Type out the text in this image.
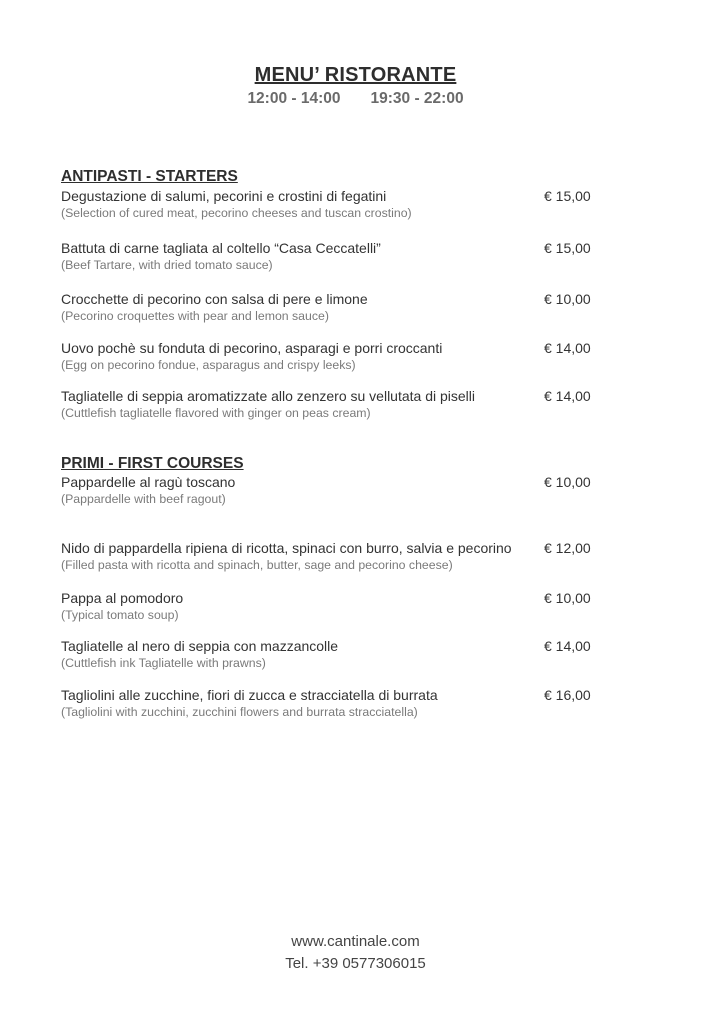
MENU’ RISTORANTE
12:00 - 14:00 19:30 - 22:00
ANTIPASTI - STARTERS
Degustazione di salumi, pecorini e crostini di fegatini
(Selection of cured meat, pecorino cheeses and tuscan crostino)
€ 15,00
Battuta di carne tagliata al coltello “Casa Ceccatelli”
(Beef Tartare, with dried tomato sauce)
€ 15,00
Crocchette di pecorino con salsa di pere e limone
(Pecorino croquettes with pear and lemon sauce)
€ 10,00
Uovo pochè su fonduta di pecorino, asparagi e porri croccanti
(Egg on pecorino fondue, asparagus and crispy leeks)
€ 14,00
Tagliatelle di seppia aromatizzate allo zenzero su vellutata di piselli
(Cuttlefish tagliatelle flavored with ginger on peas cream)
€ 14,00
PRIMI - FIRST COURSES
Pappardelle al ragù toscano
(Pappardelle with beef ragout)
€ 10,00
Nido di pappardella ripiena di ricotta, spinaci con burro, salvia e pecorino
(Filled pasta with ricotta and spinach, butter, sage and pecorino cheese)
€ 12,00
Pappa al pomodoro
(Typical tomato soup)
€ 10,00
Tagliatelle al nero di seppia con mazzancolle
(Cuttlefish ink Tagliatelle with prawns)
€ 14,00
Tagliolini alle zucchine, fiori di zucca e stracciatella di burrata
(Tagliolini with zucchini, zucchini flowers and burrata stracciatella)
€ 16,00
www.cantinale.com
Tel. +39 0577306015
